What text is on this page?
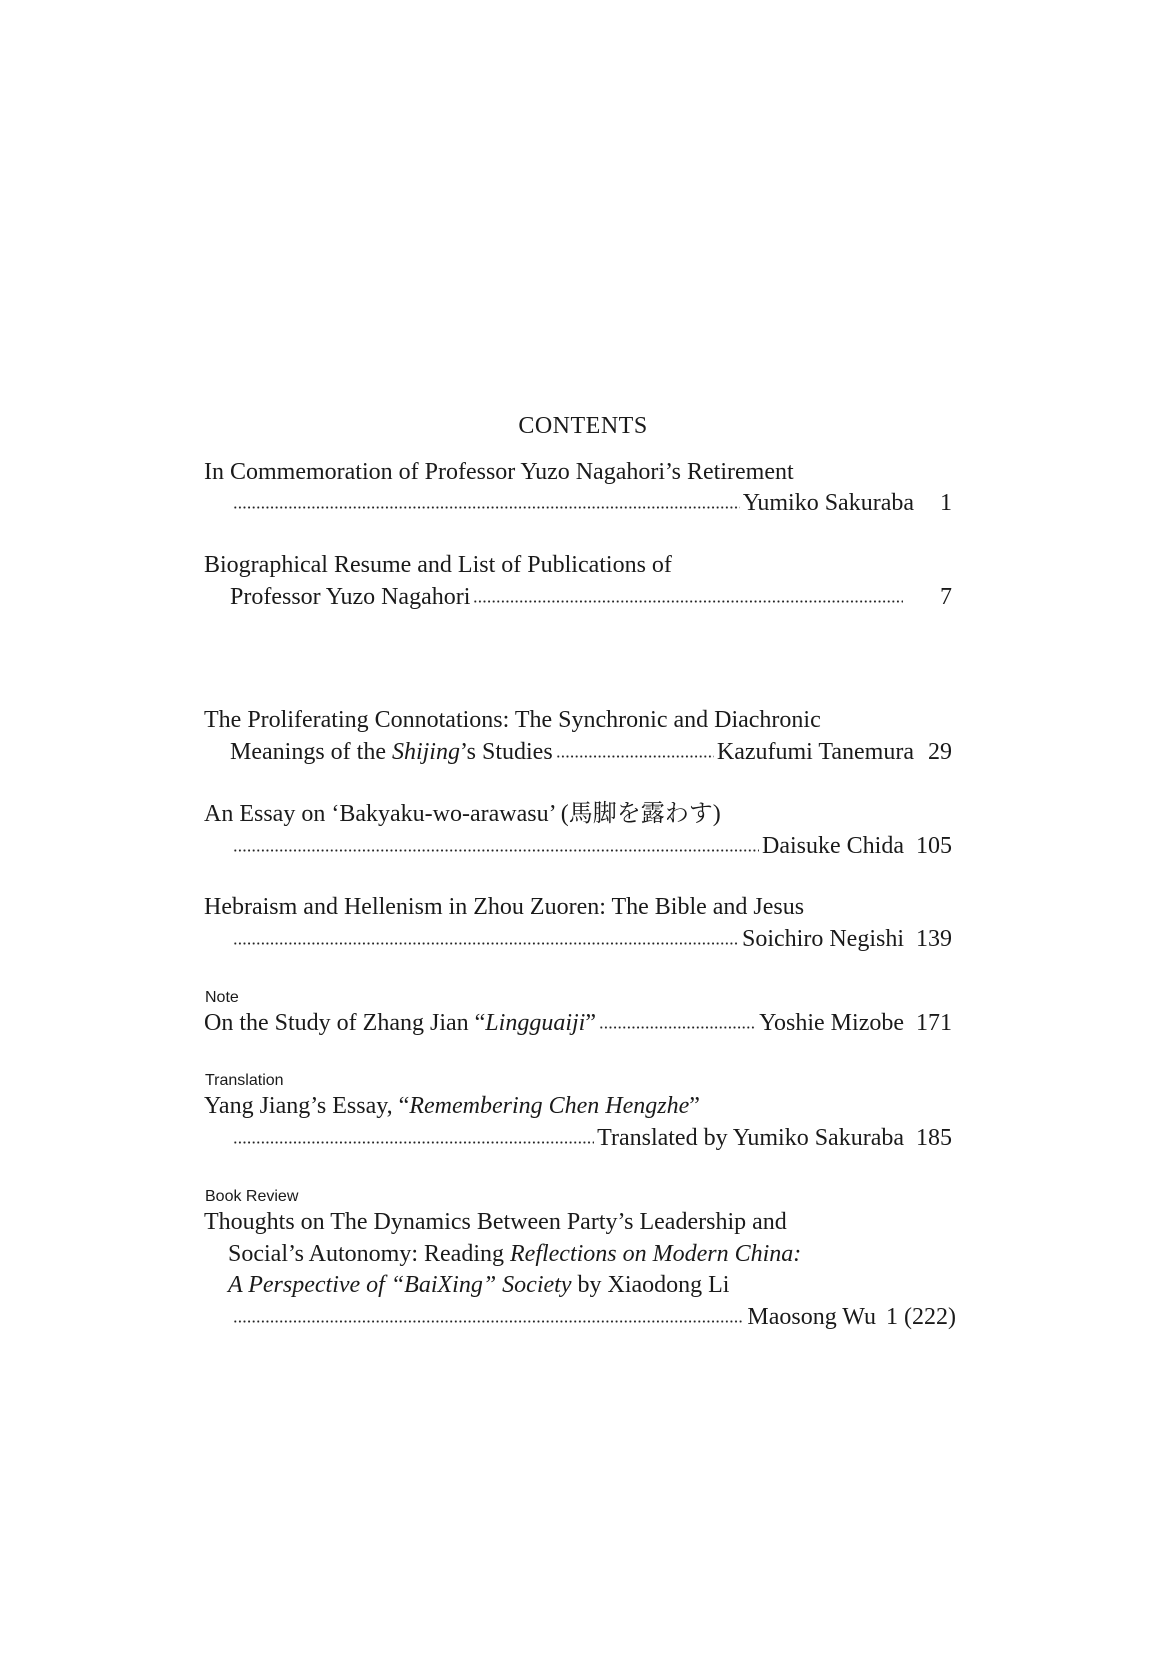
CONTENTS
In Commemoration of Professor Yuzo Nagahori’s Retirement
Yumiko Sakuraba	1
Biographical Resume and List of Publications of
Professor Yuzo Nagahori	7
The Proliferating Connotations: The Synchronic and Diachronic
Meanings of the Shijing’s Studies	Kazufumi Tanemura 29
An Essay on ‘Bakyaku-wo-arawasu’ (馬脚を露わす)
Daisuke Chida 105
Hebraism and Hellenism in Zhou Zuoren: The Bible and Jesus
Soichiro Negishi 139
Note
On the Study of Zhang Jian “Lingguaiji”	Yoshie Mizobe 171
Translation
Yang Jiang’s Essay, “Remembering Chen Hengzhe”
Translated by Yumiko Sakuraba 185
Book Review
Thoughts on The Dynamics Between Party’s Leadership and
Social’s Autonomy: Reading Reflections on Modern China:
A Perspective of “BaiXing” Society by Xiaodong Li
Maosong Wu 1 (222)
